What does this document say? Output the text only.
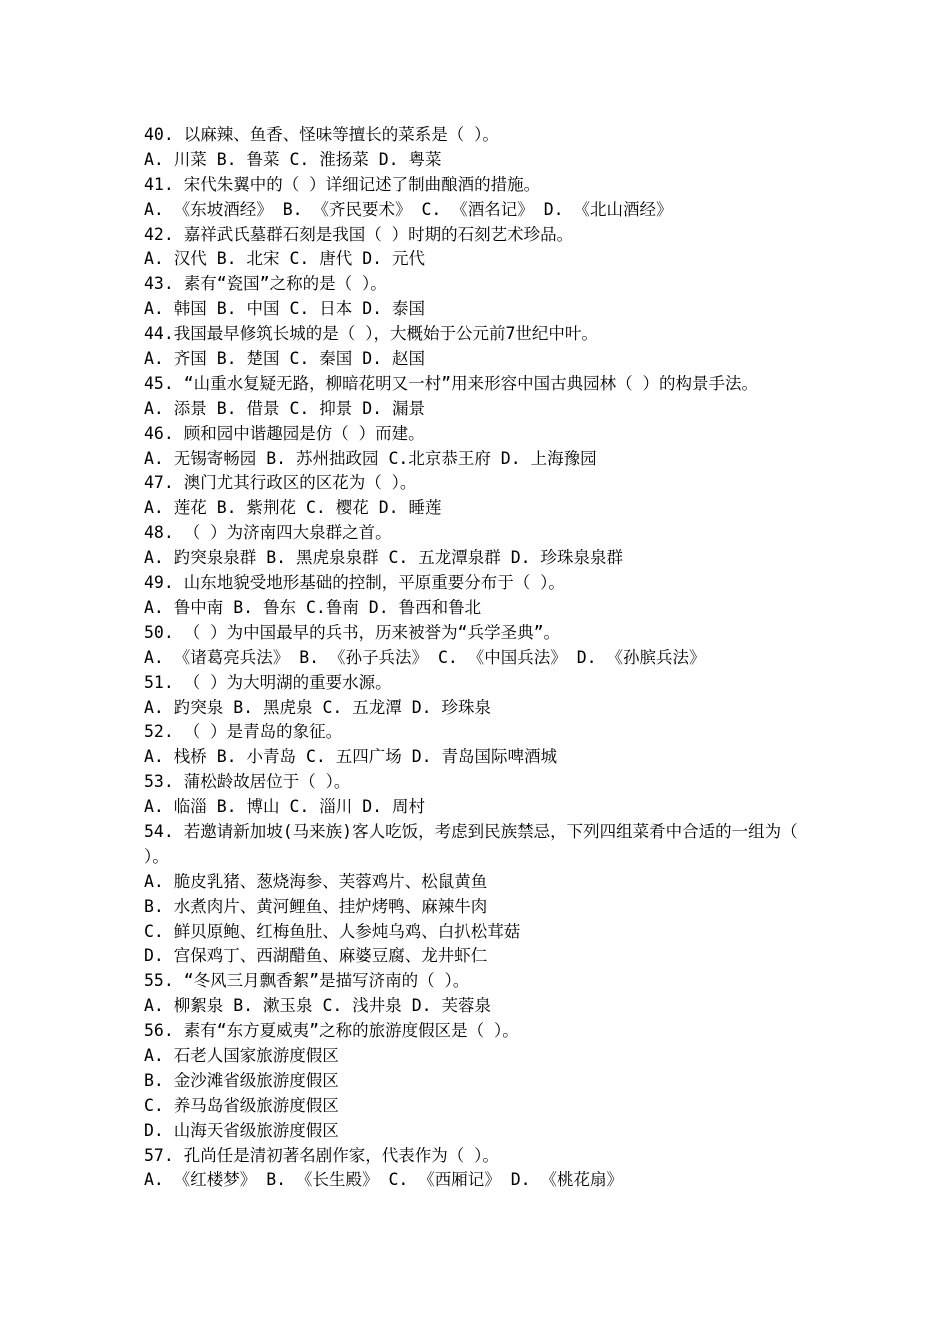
40. 以麻辣、鱼香、怪味等擅长的菜系是（ ）。
A. 川菜 B. 鲁菜 C. 淮扬菜 D. 粤菜
41. 宋代朱翼中的（ ）详细记述了制曲酿酒的措施。
A. 《东坡酒经》 B. 《齐民要术》 C. 《酒名记》 D. 《北山酒经》
42. 嘉祥武氏墓群石刻是我国（ ）时期的石刻艺术珍品。
A. 汉代 B. 北宋 C. 唐代 D. 元代
43. 素有“瓷国”之称的是（ ）。
A. 韩国 B. 中国 C. 日本 D. 泰国
44.我国最早修筑长城的是（ ），大概始于公元前7世纪中叶。
A. 齐国 B. 楚国 C. 秦国 D. 赵国
45. “山重水复疑无路，柳暗花明又一村”用来形容中国古典园林（ ）的构景手法。
A. 添景 B. 借景 C. 抑景 D. 漏景
46. 顾和园中谐趣园是仿（ ）而建。
A. 无锡寄畅园 B. 苏州拙政园 C.北京恭王府 D. 上海豫园
47. 澳门尤其行政区的区花为（ ）。
A. 莲花 B. 紫荆花 C. 樱花 D. 睡莲
48. （ ）为济南四大泉群之首。
A. 趵突泉泉群 B. 黑虎泉泉群 C. 五龙潭泉群 D. 珍珠泉泉群
49. 山东地貌受地形基础的控制，平原重要分布于（ ）。
A. 鲁中南 B. 鲁东 C.鲁南 D. 鲁西和鲁北
50. （ ）为中国最早的兵书，历来被誉为“兵学圣典”。
A. 《诸葛亮兵法》 B. 《孙子兵法》 C. 《中国兵法》 D. 《孙膑兵法》
51. （ ）为大明湖的重要水源。
A. 趵突泉 B. 黑虎泉 C. 五龙潭 D. 珍珠泉
52. （ ）是青岛的象征。
A. 栈桥 B. 小青岛 C. 五四广场 D. 青岛国际啤酒城
53. 蒲松龄故居位于（ ）。
A. 临淄 B. 博山 C. 淄川 D. 周村
54. 若邀请新加坡(马来族)客人吃饭，考虑到民族禁忌，下列四组菜肴中合适的一组为（ ）。
A. 脆皮乳猪、葱烧海参、芙蓉鸡片、松鼠黄鱼
B. 水煮肉片、黄河鲤鱼、挂炉烤鸭、麻辣牛肉
C. 鲜贝原鲍、红梅鱼肚、人参炖乌鸡、白扒松茸菇
D. 宫保鸡丁、西湖醋鱼、麻婆豆腐、龙井虾仁
55. “冬风三月飘香絮”是描写济南的（ ）。
A. 柳絮泉 B. 漱玉泉 C. 浅井泉 D. 芙蓉泉
56. 素有“东方夏威夷”之称的旅游度假区是（ ）。
A. 石老人国家旅游度假区
B. 金沙滩省级旅游度假区
C. 养马岛省级旅游度假区
D. 山海天省级旅游度假区
57. 孔尚任是清初著名剧作家，代表作为（ ）。
A. 《红楼梦》 B. 《长生殿》 C. 《西厢记》 D. 《桃花扇》
